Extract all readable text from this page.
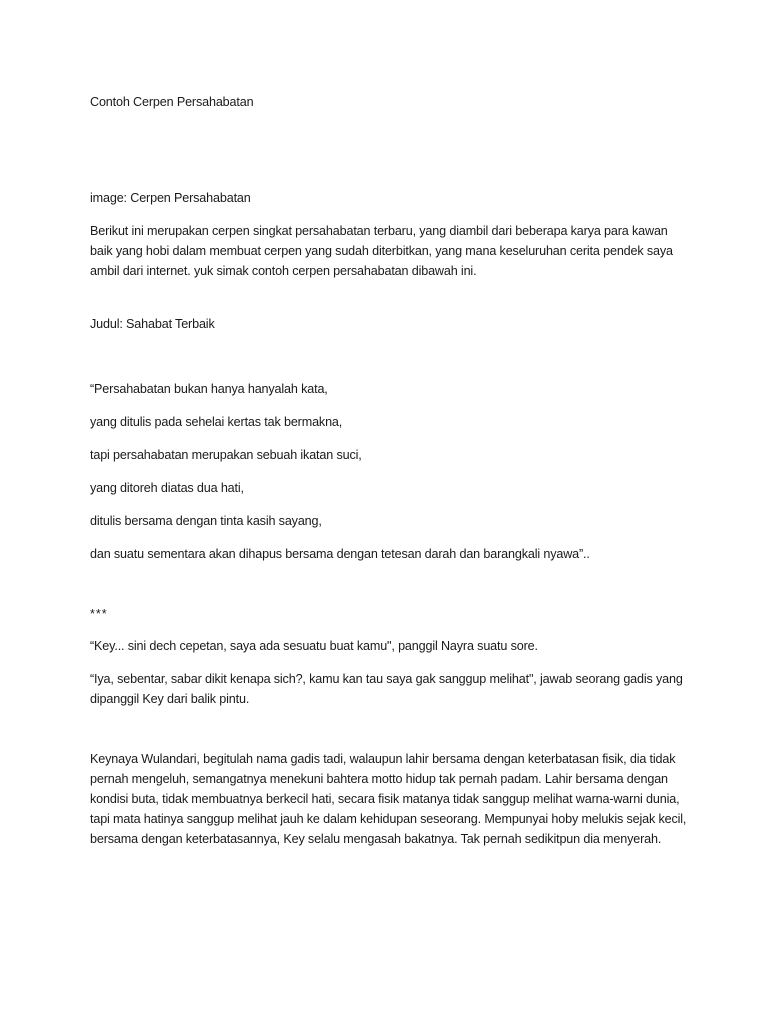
Contoh Cerpen Persahabatan

image: Cerpen Persahabatan

Berikut ini merupakan cerpen singkat persahabatan terbaru, yang diambil dari beberapa karya para kawan baik yang hobi dalam membuat cerpen yang sudah diterbitkan, yang mana keseluruhan cerita pendek saya ambil dari internet. yuk simak contoh cerpen persahabatan dibawah ini.

Judul: Sahabat Terbaik

“Persahabatan bukan hanya hanyalah kata,

yang ditulis pada sehelai kertas tak bermakna,

tapi persahabatan merupakan sebuah ikatan suci,

yang ditoreh diatas dua hati,

ditulis bersama dengan tinta kasih sayang,

dan suatu sementara akan dihapus bersama dengan tetesan darah dan barangkali nyawa”..

***

“Key... sini dech cepetan, saya ada sesuatu buat kamu", panggil Nayra suatu sore.

“Iya, sebentar, sabar dikit kenapa sich?, kamu kan tau saya gak sanggup melihat", jawab seorang gadis yang dipanggil Key dari balik pintu.

Keynaya Wulandari, begitulah nama gadis tadi, walaupun lahir bersama dengan keterbatasan fisik, dia tidak pernah mengeluh, semangatnya menekuni bahtera motto hidup tak pernah padam. Lahir bersama dengan kondisi buta, tidak membuatnya berkecil hati, secara fisik matanya tidak sanggup melihat warna-warni dunia, tapi mata hatinya sanggup melihat jauh ke dalam kehidupan seseorang. Mempunyai hoby melukis sejak kecil, bersama dengan keterbatasannya, Key selalu mengasah bakatnya. Tak pernah sedikitpun dia menyerah.
